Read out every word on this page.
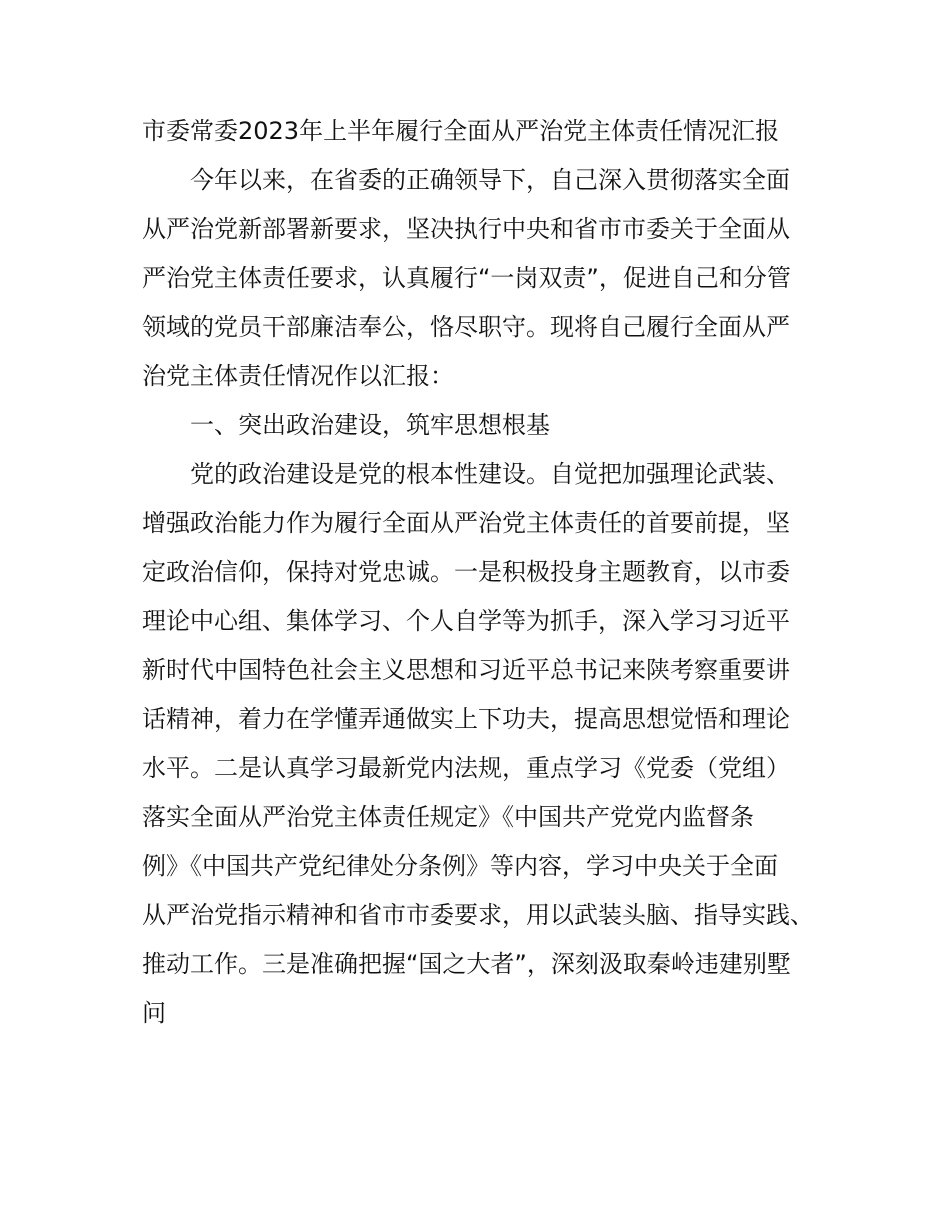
市委常委2023年上半年履行全面从严治党主体责任情况汇报
今年以来，在省委的正确领导下，自己深入贯彻落实全面
从严治党新部署新要求，坚决执行中央和省市市委关于全面从
严治党主体责任要求，认真履行“一岗双责”，促进自己和分管
领域的党员干部廉洁奉公，恪尽职守。现将自己履行全面从严
治党主体责任情况作以汇报：
一、突出政治建设，筑牢思想根基
党的政治建设是党的根本性建设。自觉把加强理论武装、
增强政治能力作为履行全面从严治党主体责任的首要前提，坚
定政治信仰，保持对党忠诚。一是积极投身主题教育，以市委
理论中心组、集体学习、个人自学等为抓手，深入学习习近平
新时代中国特色社会主义思想和习近平总书记来陕考察重要讲
话精神，着力在学懂弄通做实上下功夫，提高思想觉悟和理论
水平。二是认真学习最新党内法规，重点学习《党委（党组）
落实全面从严治党主体责任规定》《中国共产党党内监督条
例》《中国共产党纪律处分条例》等内容，学习中央关于全面
从严治党指示精神和省市市委要求，用以武装头脑、指导实践、
推动工作。三是准确把握“国之大者”，深刻汲取秦岭违建别墅
问
